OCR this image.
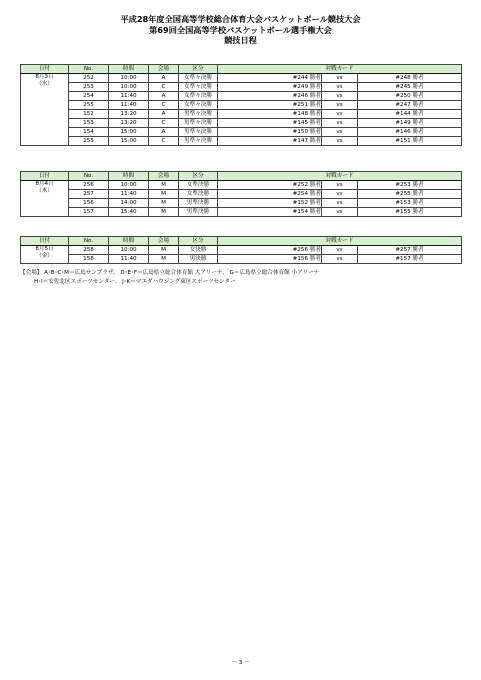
平成28年度全国高等学校総合体育大会バスケットボール競技大会
第69回全国高等学校バスケットボール選手権大会
競技日程
日付	No.	時間	会場	区分	対戦カード		

8月3日
（水）	252	10:00	A	女準々決勝	#244 勝者	vs	#248 勝者
	253	10:00	C	女準々決勝	#249 勝者	vs	#245 勝者
	254	11:40	A	女準々決勝	#246 勝者	vs	#250 勝者
	255	11:40	C	女準々決勝	#251 勝者	vs	#247 勝者
	152	13:20	A	男準々決勝	#148 勝者	vs	#144 勝者
	153	13:20	C	男準々決勝	#145 勝者	vs	#149 勝者
	154	15:00	A	男準々決勝	#150 勝者	vs	#146 勝者
	155	15:00	C	男準々決勝	#147 勝者	vs	#151 勝者
日付	No.	時間	会場	区分	対戦カード		

8月4日
（木）	256	10:00	M	女準決勝	#252 勝者	vs	#253 勝者
	257	11:40	M	女準決勝	#254 勝者	vs	#255 勝者
	156	14:00	M	男準決勝	#152 勝者	vs	#153 勝者
	157	15:40	M	男準決勝	#154 勝者	vs	#155 勝者
日付	No.	時間	会場	区分	対戦カード		

8月5日
（金）	258	10:00	M	女決勝	#256 勝者	vs	#257 勝者
	158	11:40	M	男決勝	#156 勝者	vs	#157 勝者
【会場】 A･B･C･M＝広島サンプラザ、 D･E･F＝広島県立総合体育館 大アリーナ、 G＝広島県立総合体育館 小アリーナ
H･I＝安佐北区スポーツセンター、 J･K＝マエダハウジング東区スポーツセンター
－ 3 －
